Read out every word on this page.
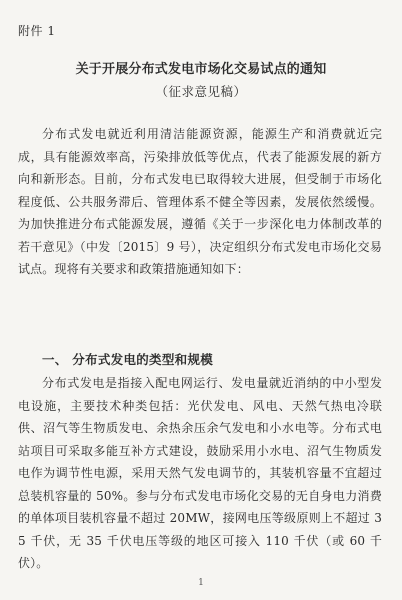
附件 1
关于开展分布式发电市场化交易试点的通知
（征求意见稿）
分布式发电就近利用清洁能源资源，能源生产和消费就近完成，具有能源效率高，污染排放低等优点，代表了能源发展的新方向和新形态。目前，分布式发电已取得较大进展，但受制于市场化程度低、公共服务滞后、管理体系不健全等因素，发展依然缓慢。为加快推进分布式能源发展，遵循《关于一步深化电力体制改革的若干意见》（中发〔2015〕9 号），决定组织分布式发电市场化交易试点。现将有关要求和政策措施通知如下：
一、 分布式发电的类型和规模
分布式发电是指接入配电网运行、发电量就近消纳的中小型发电设施，主要技术种类包括：光伏发电、风电、天然气热电冷联供、沼气等生物质发电、余热余压余气发电和小水电等。分布式电站项目可采取多能互补方式建设，鼓励采用小水电、沼气生物质发电作为调节性电源，采用天然气发电调节的，其装机容量不宜超过总装机容量的 50%。参与分布式发电市场化交易的无自身电力消费的单体项目装机容量不超过 20MW，接网电压等级原则上不超过 35 千伏，无 35 千伏电压等级的地区可接入 110 千伏（或 60 千伏）。
1
